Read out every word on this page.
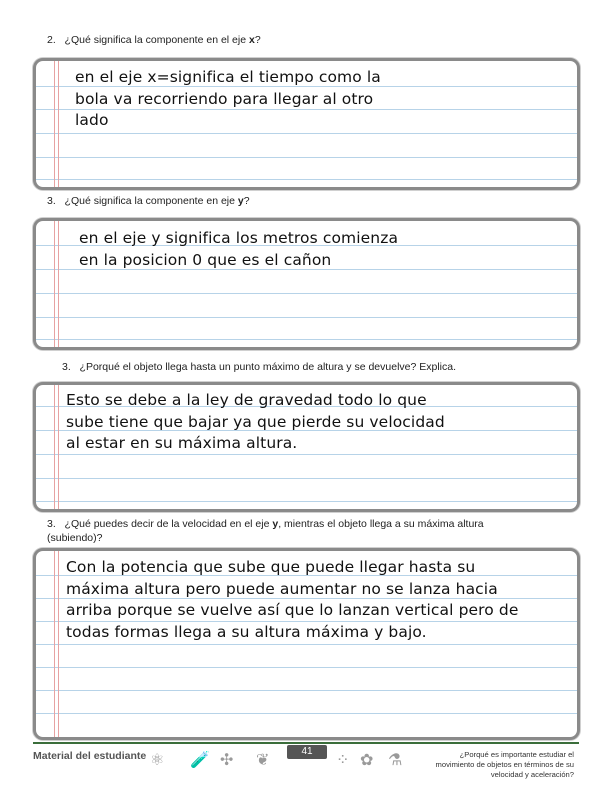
2. ¿Qué significa la componente en el eje x?
en el eje x=significa el tiempo como la
bola va recorriendo para llegar al otro
lado
3. ¿Qué significa la componente en eje y?
en el eje y significa los metros comienza
en la posicion 0 que es el cañon
3. ¿Porqué el objeto llega hasta un punto máximo de altura y se devuelve? Explica.
Esto se debe a la ley de gravedad todo lo que
sube tiene que bajar ya que pierde su velocidad
al estar en su máxima altura.
3. ¿Qué puedes decir de la velocidad en el eje y, mientras el objeto llega a su máxima altura
(subiendo)?
Con la potencia que sube que puede llegar hasta su
máxima altura pero puede aumentar no se lanza hacia
arriba porque se vuelve así que lo lanzan vertical pero de
todas formas llega a su altura máxima y bajo.
Material del estudiante ⚛ 🧪 ✣ ❦
41
⁘ ✿ ⚗	¿Porqué es importante estudiar el movimiento de objetos en términos de su velocidad y aceleración?
